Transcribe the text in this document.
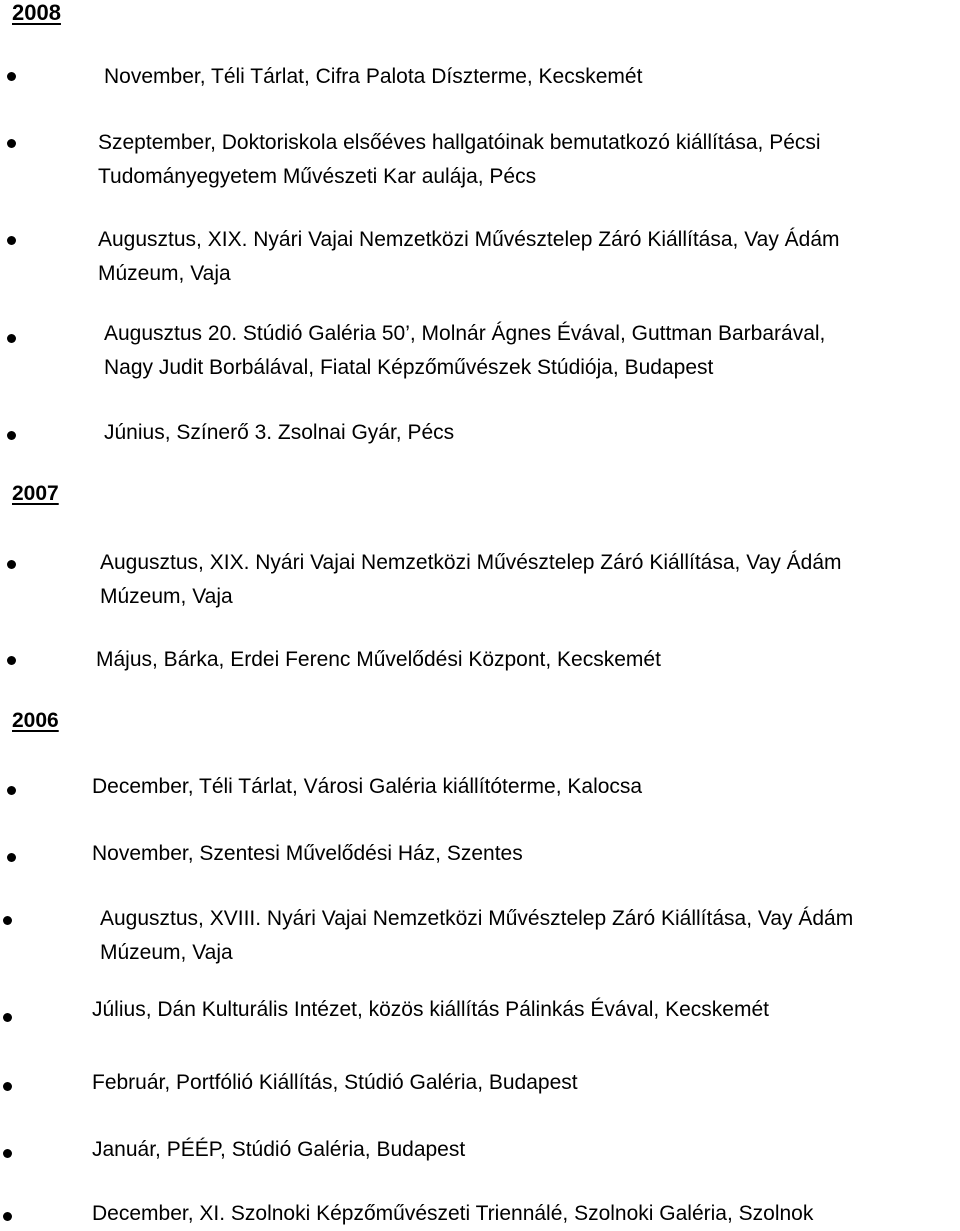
2008

November, Téli Tárlat, Cifra Palota Díszterme, Kecskemét

Szeptember, Doktoriskola elsőéves hallgatóinak bemutatkozó kiállítása, Pécsi
Tudományegyetem Művészeti Kar aulája, Pécs

Augusztus, XIX. Nyári Vajai Nemzetközi Művésztelep Záró Kiállítása, Vay Ádám
Múzeum, Vaja

Augusztus 20. Stúdió Galéria 50’, Molnár Ágnes Évával, Guttman Barbarával,
Nagy Judit Borbálával, Fiatal Képzőművészek Stúdiója, Budapest

Június, Színerő 3. Zsolnai Gyár, Pécs

2007

Augusztus, XIX. Nyári Vajai Nemzetközi Művésztelep Záró Kiállítása, Vay Ádám
Múzeum, Vaja

Május, Bárka, Erdei Ferenc Művelődési Központ, Kecskemét

2006

December, Téli Tárlat, Városi Galéria kiállítóterme, Kalocsa

November, Szentesi Művelődési Ház, Szentes

Augusztus, XVIII. Nyári Vajai Nemzetközi Művésztelep Záró Kiállítása, Vay Ádám
Múzeum, Vaja

Július, Dán Kulturális Intézet, közös kiállítás Pálinkás Évával, Kecskemét

Február, Portfólió Kiállítás, Stúdió Galéria, Budapest

Január, PÉÉP, Stúdió Galéria, Budapest

December, XI. Szolnoki Képzőművészeti Triennálé, Szolnoki Galéria, Szolnok
